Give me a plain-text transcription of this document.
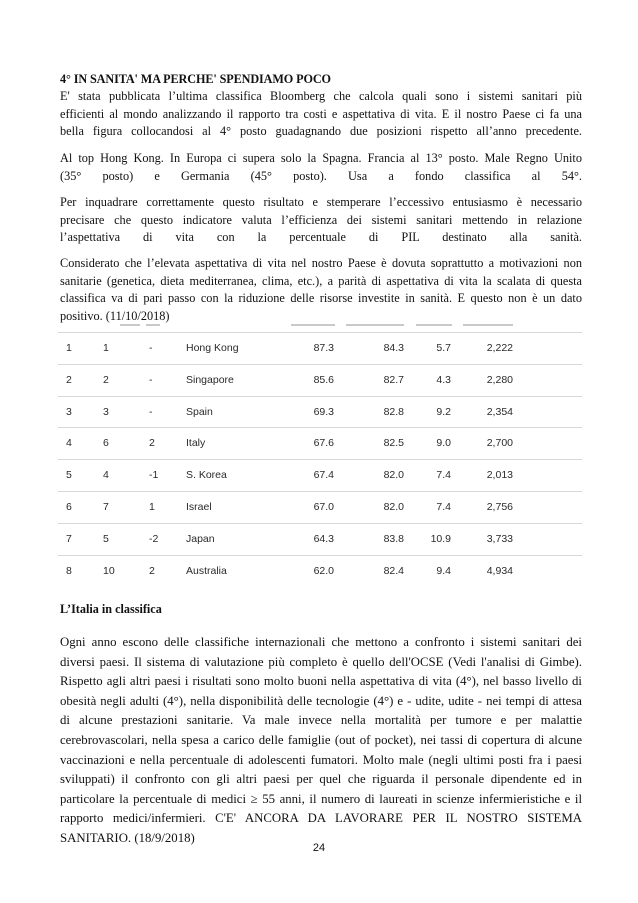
4° IN SANITA' MA PERCHE' SPENDIAMO POCO
E' stata pubblicata l’ultima classifica Bloomberg che calcola quali sono i sistemi sanitari più
efficienti al mondo analizzando il rapporto tra costi e aspettativa di vita. E il nostro Paese ci fa una
bella figura collocandosi al 4° posto guadagnando due posizioni rispetto all’anno precedente.
Al top Hong Kong. In Europa ci supera solo la Spagna. Francia al 13° posto. Male Regno Unito
(35° posto) e Germania (45° posto). Usa a fondo classifica al 54°.
Per inquadrare correttamente questo risultato e stemperare l’eccessivo entusiasmo è necessario
precisare che questo indicatore valuta l’efficienza dei sistemi sanitari mettendo in relazione
l’aspettativa di vita con la percentuale di PIL destinato alla sanità.
Considerato che l’elevata aspettativa di vita nel nostro Paese è dovuta soprattutto a motivazioni non
sanitarie (genetica, dieta mediterranea, clima, etc.), a parità di aspettativa di vita la scalata di questa
classifica va di pari passo con la riduzione delle risorse investite in sanità. E questo non è un dato
positivo. (11/10/2018)
1	1	-	Hong Kong	87.3	84.3	5.7	2,222
2	2	-	Singapore	85.6	82.7	4.3	2,280
3	3	-	Spain	69.3	82.8	9.2	2,354
4	6	2	Italy	67.6	82.5	9.0	2,700
5	4	-1	S. Korea	67.4	82.0	7.4	2,013
6	7	1	Israel	67.0	82.0	7.4	2,756
7	5	-2	Japan	64.3	83.8	10.9	3,733
8	10	2	Australia	62.0	82.4	9.4	4,934
L’Italia in classifica
Ogni anno escono delle classifiche internazionali che mettono a confronto i sistemi sanitari dei
diversi paesi. Il sistema di valutazione più completo è quello dell'OCSE (Vedi l'analisi di Gimbe).
Rispetto agli altri paesi i risultati sono molto buoni nella aspettativa di vita (4°), nel basso livello di
obesità negli adulti (4°), nella disponibilità delle tecnologie (4°) e - udite, udite - nei tempi di attesa
di alcune prestazioni sanitarie. Va male invece nella mortalità per tumore e per malattie
cerebrovascolari, nella spesa a carico delle famiglie (out of pocket), nei tassi di copertura di alcune
vaccinazioni e nella percentuale di adolescenti fumatori. Molto male (negli ultimi posti fra i paesi
sviluppati) il confronto con gli altri paesi per quel che riguarda il personale dipendente ed in
particolare la percentuale di medici ≥ 55 anni, il numero di laureati in scienze infermieristiche e il
rapporto medici/infermieri. C'E' ANCORA DA LAVORARE PER IL NOSTRO SISTEMA
SANITARIO. (18/9/2018)
24
